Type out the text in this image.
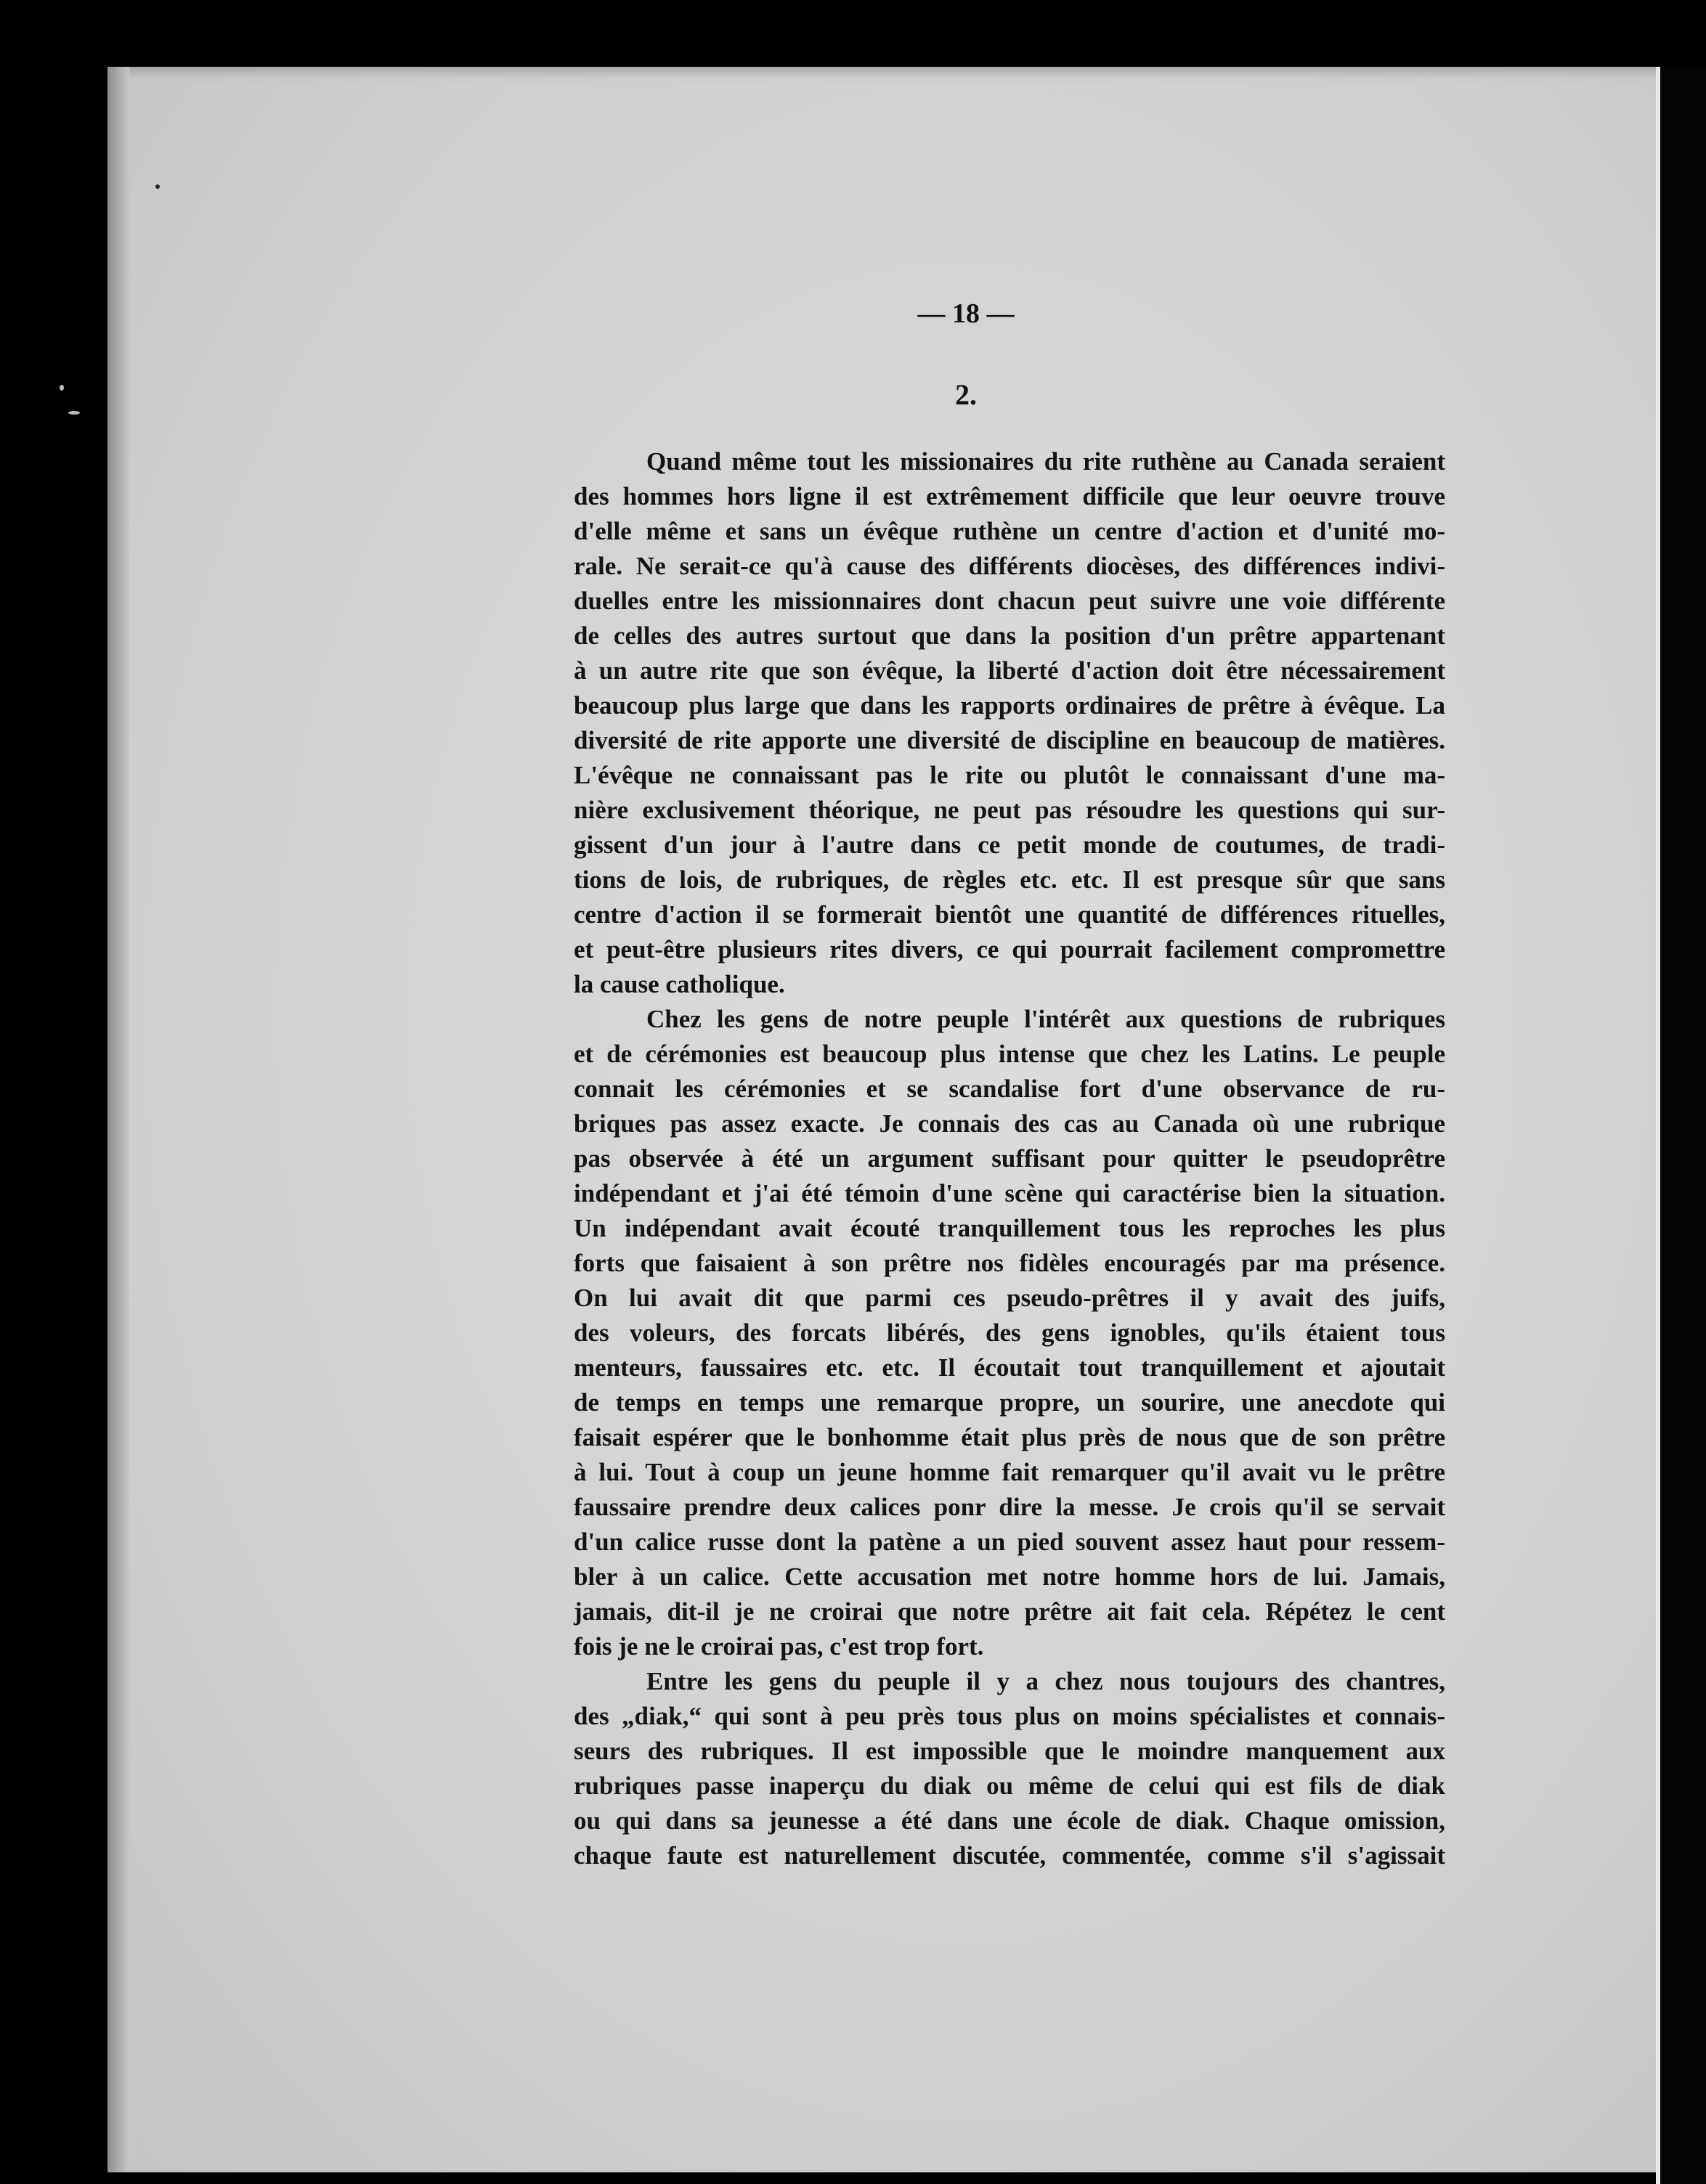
— 18 —
2.
Quand même tout les missionaires du rite ruthène au Canada seraient
des hommes hors ligne il est extrêmement difficile que leur oeuvre trouve
d'elle même et sans un évêque ruthène un centre d'action et d'unité mo-
rale. Ne serait-ce qu'à cause des différents diocèses, des différences indivi-
duelles entre les missionnaires dont chacun peut suivre une voie différente
de celles des autres surtout que dans la position d'un prêtre appartenant
à un autre rite que son évêque, la liberté d'action doit être nécessairement
beaucoup plus large que dans les rapports ordinaires de prêtre à évêque. La
diversité de rite apporte une diversité de discipline en beaucoup de matières.
L'évêque ne connaissant pas le rite ou plutôt le connaissant d'une ma-
nière exclusivement théorique, ne peut pas résoudre les questions qui sur-
gissent d'un jour à l'autre dans ce petit monde de coutumes, de tradi-
tions de lois, de rubriques, de règles etc. etc. Il est presque sûr que sans
centre d'action il se formerait bientôt une quantité de différences rituelles,
et peut-être plusieurs rites divers, ce qui pourrait facilement compromettre
la cause catholique.
Chez les gens de notre peuple l'intérêt aux questions de rubriques
et de cérémonies est beaucoup plus intense que chez les Latins. Le peuple
connait les cérémonies et se scandalise fort d'une observance de ru-
briques pas assez exacte. Je connais des cas au Canada où une rubrique
pas observée à été un argument suffisant pour quitter le pseudoprêtre
indépendant et j'ai été témoin d'une scène qui caractérise bien la situation.
Un indépendant avait écouté tranquillement tous les reproches les plus
forts que faisaient à son prêtre nos fidèles encouragés par ma présence.
On lui avait dit que parmi ces pseudo-prêtres il y avait des juifs,
des voleurs, des forcats libérés, des gens ignobles, qu'ils étaient tous
menteurs, faussaires etc. etc. Il écoutait tout tranquillement et ajoutait
de temps en temps une remarque propre, un sourire, une anecdote qui
faisait espérer que le bonhomme était plus près de nous que de son prêtre
à lui. Tout à coup un jeune homme fait remarquer qu'il avait vu le prêtre
faussaire prendre deux calices ponr dire la messe. Je crois qu'il se servait
d'un calice russe dont la patène a un pied souvent assez haut pour ressem-
bler à un calice. Cette accusation met notre homme hors de lui. Jamais,
jamais, dit-il je ne croirai que notre prêtre ait fait cela. Répétez le cent
fois je ne le croirai pas, c'est trop fort.
Entre les gens du peuple il y a chez nous toujours des chantres,
des „diak,“ qui sont à peu près tous plus on moins spécialistes et connais-
seurs des rubriques. Il est impossible que le moindre manquement aux
rubriques passe inaperçu du diak ou même de celui qui est fils de diak
ou qui dans sa jeunesse a été dans une école de diak. Chaque omission,
chaque faute est naturellement discutée, commentée, comme s'il s'agissait
